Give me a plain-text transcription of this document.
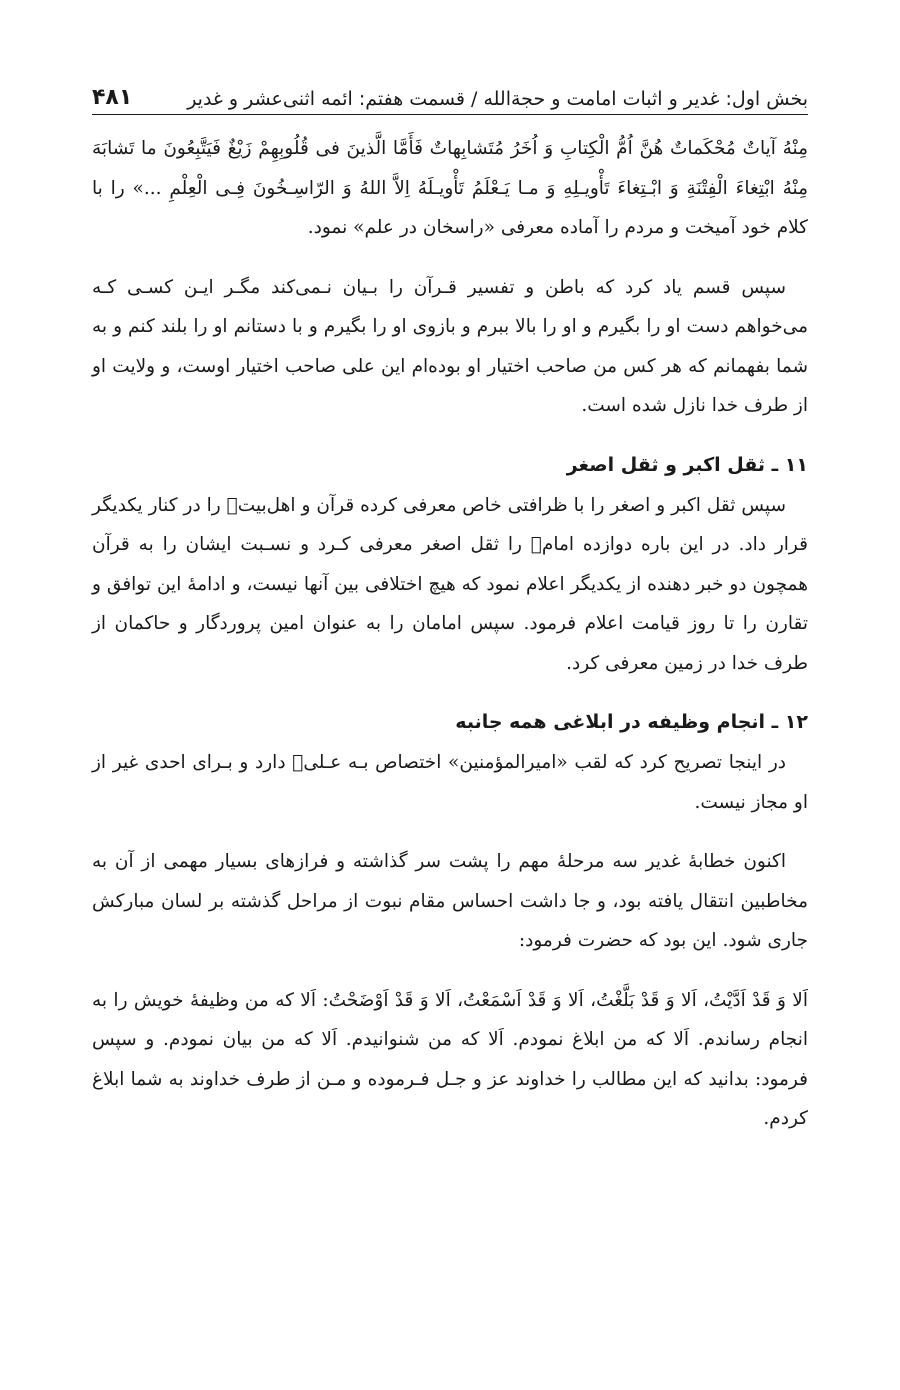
بخش اول: غدیر و اثبات امامت و حجةالله / قسمت هفتم: ائمه اثنی‌عشر و غدیر
۴۸۱

مِنْهُ آیاتٌ مُحْکَماتٌ هُنَّ اُمُّ الْکِتابِ وَ اُخَرُ مُتَشابِهاتٌ فَأَمَّا الَّذینَ فی قُلُوبِهِمْ زَیْغٌ فَیَتَّبِعُونَ ما تَشابَهَ مِنْهُ ابْتِغاءَ الْفِتْنَةِ وَ ابْـتِغاءَ تَأْویـلِهِ وَ مـا یَـعْلَمُ تَأْویـلَهُ اِلاَّ اللهُ وَ الرّاسِـخُونَ فِـی الْعِلْمِ ...» را با کلام خود آمیخت و مردم را آماده معرفی «راسخان در علم» نمود.

سپس قسم یاد کرد که باطن و تفسیر قـرآن را بـیان نـمی‌کند مگـر ایـن کسـی کـه می‌خواهم دست او را بگیرم و او را بالا ببرم و بازوی او را بگیرم و با دستانم او را بلند کنم و به شما بفهمانم که هر کس من صاحب اختیار او بوده‌ام این علی صاحب اختیار اوست، و ولایت او از طرف خدا نازل شده است.

۱۱ ـ ثقل اکبر و ثقل اصغر

سپس ثقل اکبر و اصغر را با ظرافتی خاص معرفی کرده قرآن و اهل‌بیت﷨ را در کنار یکدیگر قرار داد. در این باره دوازده امام﷨ را ثقل اصغر معرفی کـرد و نسـبت ایشان را به قرآن همچون دو خبر دهنده از یکدیگر اعلام نمود که هیچ اختلافی بین آنها نیست، و ادامهٔ این توافق و تقارن را تا روز قیامت اعلام فرمود. سپس امامان را به عنوان امین پروردگار و حاکمان از طرف خدا در زمین معرفی کرد.

۱۲ ـ انجام وظیفه در ابلاغی همه جانبه

در اینجا تصریح کرد که لقب «امیرالمؤمنین» اختصاص بـه عـلی﷣ دارد و بـرای احدی غیر از او مجاز نیست.

اکنون خطابهٔ غدیر سه مرحلهٔ مهم را پشت سر گذاشته و فرازهای بسیار مهمی از آن به مخاطبین انتقال یافته بود، و جا داشت احساس مقام نبوت از مراحل گذشته بر لسان مبارکش جاری شود. این بود که حضرت فرمود:

اَلا وَ قَدْ اَدَّیْتُ، اَلا وَ قَدْ بَلَّغْتُ، اَلا وَ قَدْ اَسْمَعْتُ، اَلا وَ قَدْ اَوْضَحْتُ: اَلا که من وظیفهٔ خویش را به انجام رساندم. اَلا که من ابلاغ نمودم. اَلا که من شنوانیدم. اَلا که من بیان نمودم. و سپس فرمود: بدانید که این مطالب را خداوند عز و جـل فـرموده و مـن از طرف خداوند به شما ابلاغ کردم.
